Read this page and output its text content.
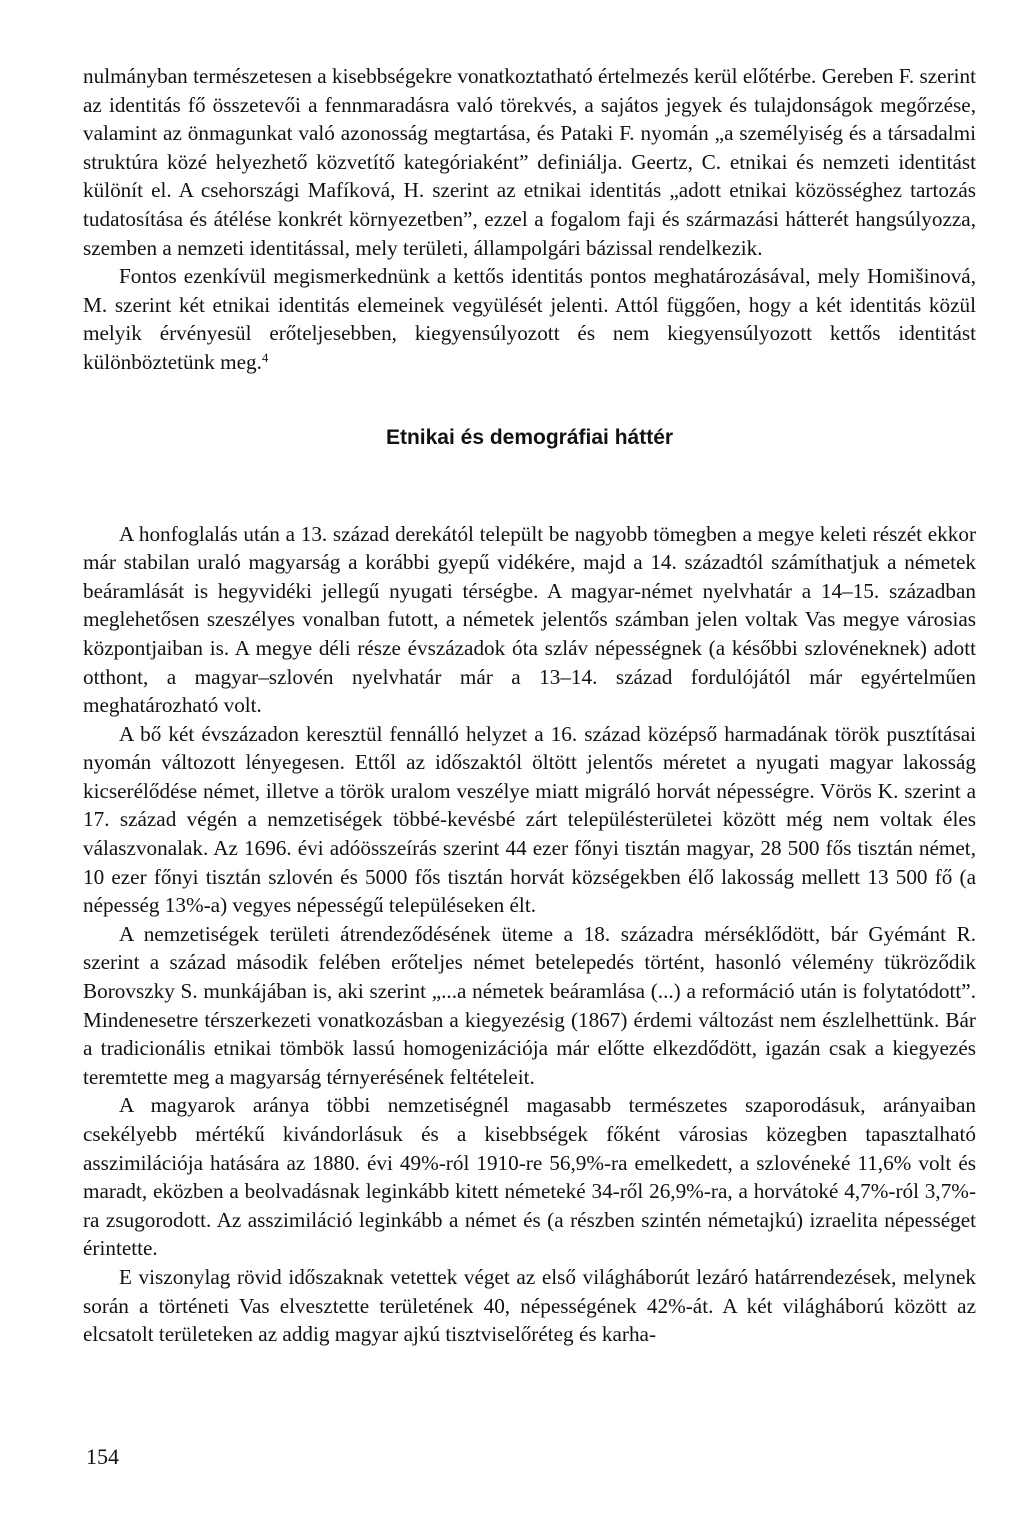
nulmányban természetesen a kisebbségekre vonatkoztatható értelmezés kerül előtérbe. Gereben F. szerint az identitás fő összetevői a fennmaradásra való törekvés, a sajátos jegyek és tulajdonságok megőrzése, valamint az önmagunkat való azonosság megtartása, és Pataki F. nyomán „a személyiség és a társadalmi struktúra közé helyezhető közvetítő kategóriaként” definiálja. Geertz, C. etnikai és nemzeti identitást különít el. A csehországi Mafíková, H. szerint az etnikai identitás „adott etnikai közösséghez tartozás tudatosítása és átélése konkrét környezetben”, ezzel a fogalom faji és származási hátterét hangsúlyozza, szemben a nemzeti identitással, mely területi, állampolgári bázissal rendelkezik.

Fontos ezenkívül megismerkednünk a kettős identitás pontos meghatározásával, mely Homišinová, M. szerint két etnikai identitás elemeinek vegyülését jelenti. Attól függően, hogy a két identitás közül melyik érvényesül erőteljesebben, kiegyensúlyozott és nem kiegyensúlyozott kettős identitást különböztetünk meg.$^4$

Etnikai és demográfiai háttér

A honfoglalás után a 13. század derekától települt be nagyobb tömegben a megye keleti részét ekkor már stabilan uraló magyarság a korábbi gyepű vidékére, majd a 14. századtól számíthatjuk a németek beáramlását is hegyvidéki jellegű nyugati térségbe. A magyar-német nyelvhatár a 14–15. században meglehetősen szeszélyes vonalban futott, a németek jelentős számban jelen voltak Vas megye városias központjaiban is. A megye déli része évszázadok óta szláv népességnek (a későbbi szlovéneknek) adott otthont, a magyar–szlovén nyelvhatár már a 13–14. század fordulójától már egyértelműen meghatározható volt.

A bő két évszázadon keresztül fennálló helyzet a 16. század középső harmadának török pusztításai nyomán változott lényegesen. Ettől az időszaktól öltött jelentős méretet a nyugati magyar lakosság kicserélődése német, illetve a török uralom veszélye miatt migráló horvát népességre. Vörös K. szerint a 17. század végén a nemzetiségek többé-kevésbé zárt településterületei között még nem voltak éles válaszvonalak. Az 1696. évi adóösszeírás szerint 44 ezer főnyi tisztán magyar, 28 500 fős tisztán német, 10 ezer főnyi tisztán szlovén és 5000 fős tisztán horvát községekben élő lakosság mellett 13 500 fő (a népesség 13%-a) vegyes népességű településeken élt.

A nemzetiségek területi átrendeződésének üteme a 18. századra mérséklődött, bár Gyémánt R. szerint a század második felében erőteljes német betelepedés történt, hasonló vélemény tükröződik Borovszky S. munkájában is, aki szerint „...a németek beáramlása (...) a reformáció után is folytatódott”. Mindenesetre térszerkezeti vonatkozásban a kiegyezésig (1867) érdemi változást nem észlelhettünk. Bár a tradicionális etnikai tömbök lassú homogenizációja már előtte elkezdődött, igazán csak a kiegyezés teremtette meg a magyarság térnyerésének feltételeit.

A magyarok aránya többi nemzetiségnél magasabb természetes szaporodásuk, arányaiban csekélyebb mértékű kivándorlásuk és a kisebbségek főként városias közegben tapasztalható asszimilációja hatására az 1880. évi 49%-ról 1910-re 56,9%-ra emelkedett, a szlovéneké 11,6% volt és maradt, eközben a beolvadásnak leginkább kitett németeké 34-ről 26,9%-ra, a horvátoké 4,7%-ról 3,7%-ra zsugorodott. Az asszimiláció leginkább a német és (a részben szintén németajkú) izraelita népességet érintette.

E viszonylag rövid időszaknak vetettek véget az első világháborút lezáró határrendezések, melynek során a történeti Vas elvesztette területének 40, népességének 42%-át. A két világháború között az elcsatolt területeken az addig magyar ajkú tisztviselőréteg és karha-

154
